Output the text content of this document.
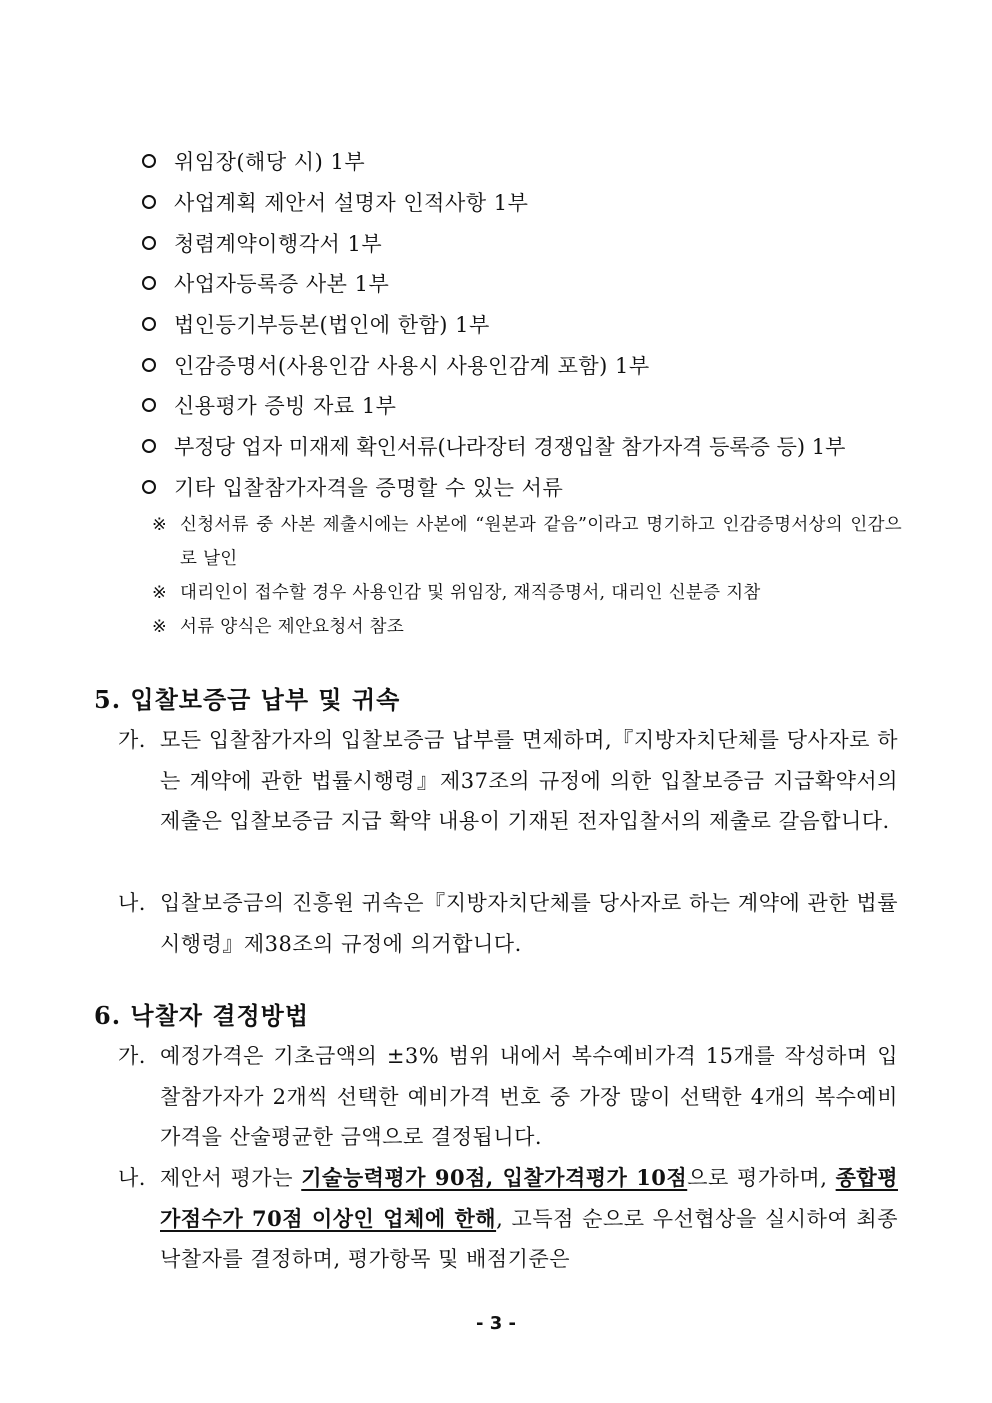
위임장(해당 시) 1부
사업계획 제안서 설명자 인적사항 1부
청렴계약이행각서 1부
사업자등록증 사본 1부
법인등기부등본(법인에 한함) 1부
인감증명서(사용인감 사용시 사용인감계 포함) 1부
신용평가 증빙 자료 1부
부정당 업자 미재제 확인서류(나라장터 경쟁입찰 참가자격 등록증 등) 1부
기타 입찰참가자격을 증명할 수 있는 서류
※ 신청서류 중 사본 제출시에는 사본에 “원본과 같음”이라고 명기하고 인감증명서상의 인감으로 날인
※ 대리인이 접수할 경우 사용인감 및 위임장, 재직증명서, 대리인 신분증 지참
※ 서류 양식은 제안요청서 참조
5. 입찰보증금 납부 및 귀속
가. 모든 입찰참가자의 입찰보증금 납부를 면제하며,『지방자치단체를 당사자로 하는 계약에 관한 법률시행령』제37조의 규정에 의한 입찰보증금 지급확약서의 제출은 입찰보증금 지급 확약 내용이 기재된 전자입찰서의 제출로 갈음합니다.
나. 입찰보증금의 진흥원 귀속은『지방자치단체를 당사자로 하는 계약에 관한 법률시행령』제38조의 규정에 의거합니다.
6. 낙찰자 결정방법
가. 예정가격은 기초금액의 ±3% 범위 내에서 복수예비가격 15개를 작성하며 입찰참가자가 2개씩 선택한 예비가격 번호 중 가장 많이 선택한 4개의 복수예비가격을 산술평균한 금액으로 결정됩니다.
나. 제안서 평가는 기술능력평가 90점, 입찰가격평가 10점으로 평가하며, 종합평가점수가 70점 이상인 업체에 한해, 고득점 순으로 우선협상을 실시하여 최종낙찰자를 결정하며, 평가항목 및 배점기준은
- 3 -
